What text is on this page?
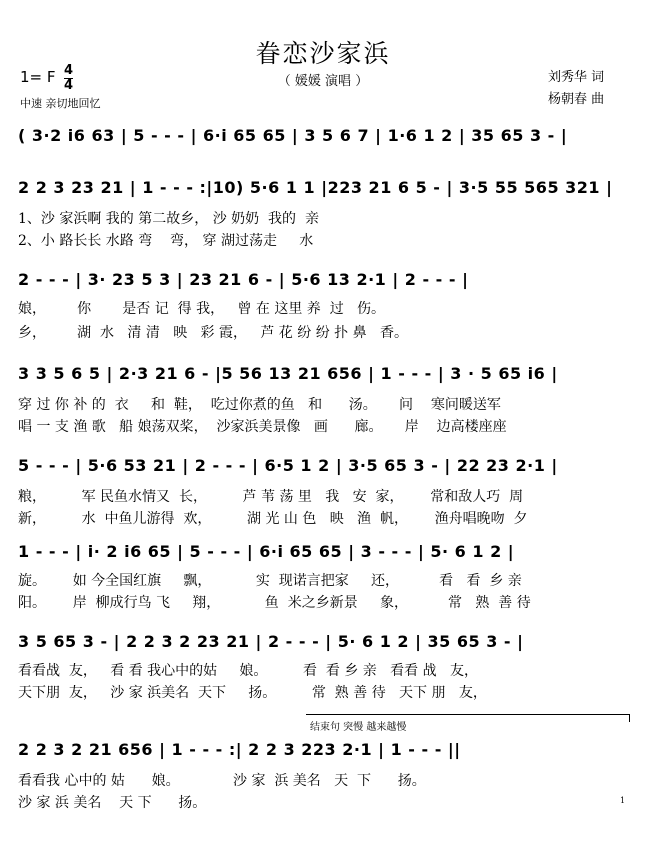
眷恋沙家浜
（ 媛媛 演唱 ）	刘秀华 词
杨朝春 曲
1= F 4
4
中速 亲切地回忆
( 3·2 i6 63 | 5 - - - | 6·i 65 65 | 3 5 6 7 | 1·6 1 2 | 35 65 3 - |
2 2 3 23 21 | 1 - - - :|10) 5·6 1 1 |223 21 6 5 - | 3·5 55 565 321 |
1、沙 家浜啊 我的 第二故乡， 沙 奶奶  我的  亲
2、小 路长长 水路 弯    弯， 穿 湖过荡走     水
2 - - - | 3· 23 5 3 | 23 21 6 - | 5·6 13 2·1 | 2 - - - |
娘，       你       是否 记  得 我，   曾 在 这里 养  过   伤。
乡，       湖  水   清 清   映   彩 霞，   芦 花 纷 纷 扑 鼻   香。
3 3 5 6 5 | 2·3 21 6 - |5 56 13 21 656 | 1 - - - | 3 · 5 65 i6 |
穿 过 你 补 的  衣     和  鞋，  吃过你煮的鱼   和      汤。     问    寒问暖送军
唱 一 支 渔 歌   船 娘荡双桨，  沙家浜美景像   画      廊。     岸    边高楼座座
5 - - - | 5·6 53 21 | 2 - - - | 6·5 1 2 | 3·5 65 3 - | 22 23 2·1 |
粮，        军 民鱼水情又  长，        芦 苇 荡 里   我   安  家，      常和敌人巧  周
新，        水  中鱼儿游得  欢，        湖 光 山 色   映   渔  帆，      渔舟唱晚吻  夕
1 - - - | i· 2 i6 65 | 5 - - - | 6·i 65 65 | 3 - - - | 5· 6 1 2 |
旋。      如 今全国红旗     飘，          实  现诺言把家     还，         看   看  乡 亲
阳。      岸  柳成行鸟 飞     翔，          鱼  米之乡新景     象，         常   熟  善 待
3 5 65 3 - | 2 2 3 2 23 21 | 2 - - - | 5· 6 1 2 | 35 65 3 - |
看看战  友，   看 看 我心中的姑     娘。        看  看 乡 亲   看看 战   友，
天下朋  友，   沙 家 浜美名  天下     扬。        常  熟 善 待   天下 朋   友，
结束句 突慢 越来越慢
2 2 3 2 21 656 | 1 - - - :| 2 2 3 223 2·1 | 1 - - - ||
看看我 心中的 姑      娘。            沙 家  浜 美名   天  下      扬。
沙 家 浜 美名    天 下      扬。	1
